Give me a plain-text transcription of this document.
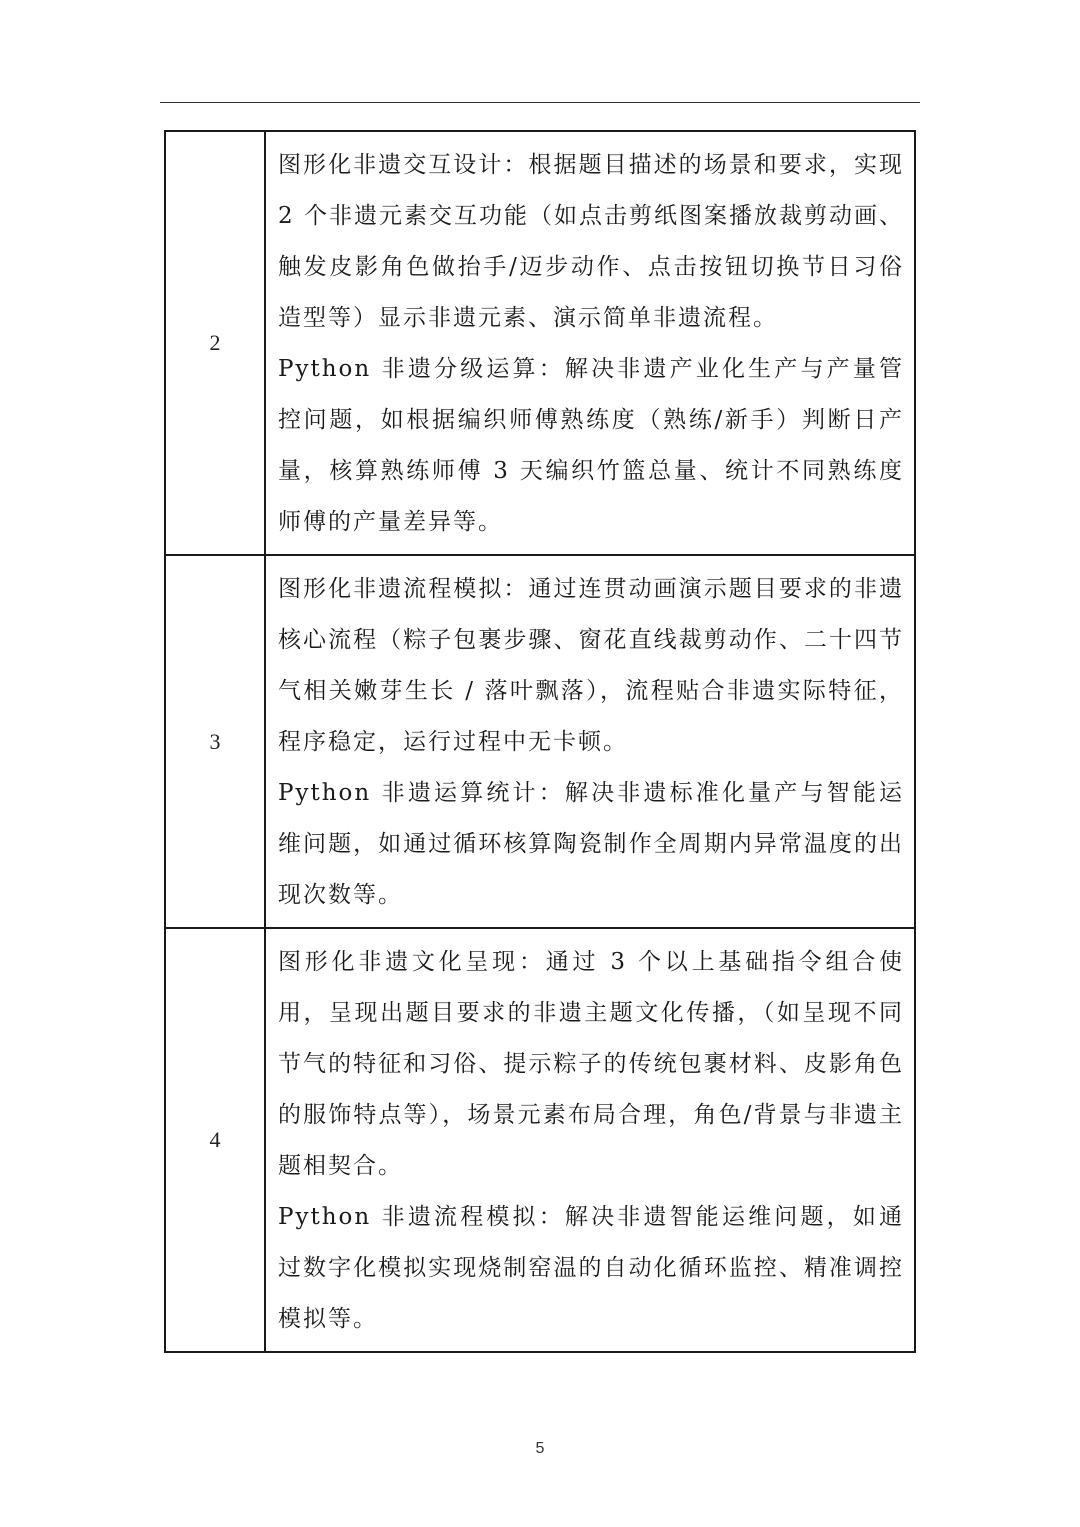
2	图形化非遗交互设计：根据题目描述的场景和要求，实现 2 个非遗元素交互功能（如点击剪纸图案播放裁剪动画、触发皮影角色做抬手/迈步动作、点击按钮切换节日习俗造型等）显示非遗元素、演示简单非遗流程。

Python 非遗分级运算：解决非遗产业化生产与产量管控问题，如根据编织师傅熟练度（熟练/新手）判断日产量，核算熟练师傅 3 天编织竹篮总量、统计不同熟练度师傅的产量差异等。

3	图形化非遗流程模拟：通过连贯动画演示题目要求的非遗核心流程（粽子包裹步骤、窗花直线裁剪动作、二十四节气相关嫩芽生长 / 落叶飘落），流程贴合非遗实际特征，程序稳定，运行过程中无卡顿。

Python 非遗运算统计：解决非遗标准化量产与智能运维问题，如通过循环核算陶瓷制作全周期内异常温度的出现次数等。

4	图形化非遗文化呈现：通过 3 个以上基础指令组合使用，呈现出题目要求的非遗主题文化传播，（如呈现不同节气的特征和习俗、提示粽子的传统包裹材料、皮影角色的服饰特点等），场景元素布局合理，角色/背景与非遗主题相契合。

Python 非遗流程模拟：解决非遗智能运维问题，如通过数字化模拟实现烧制窑温的自动化循环监控、精准调控模拟等。

5
